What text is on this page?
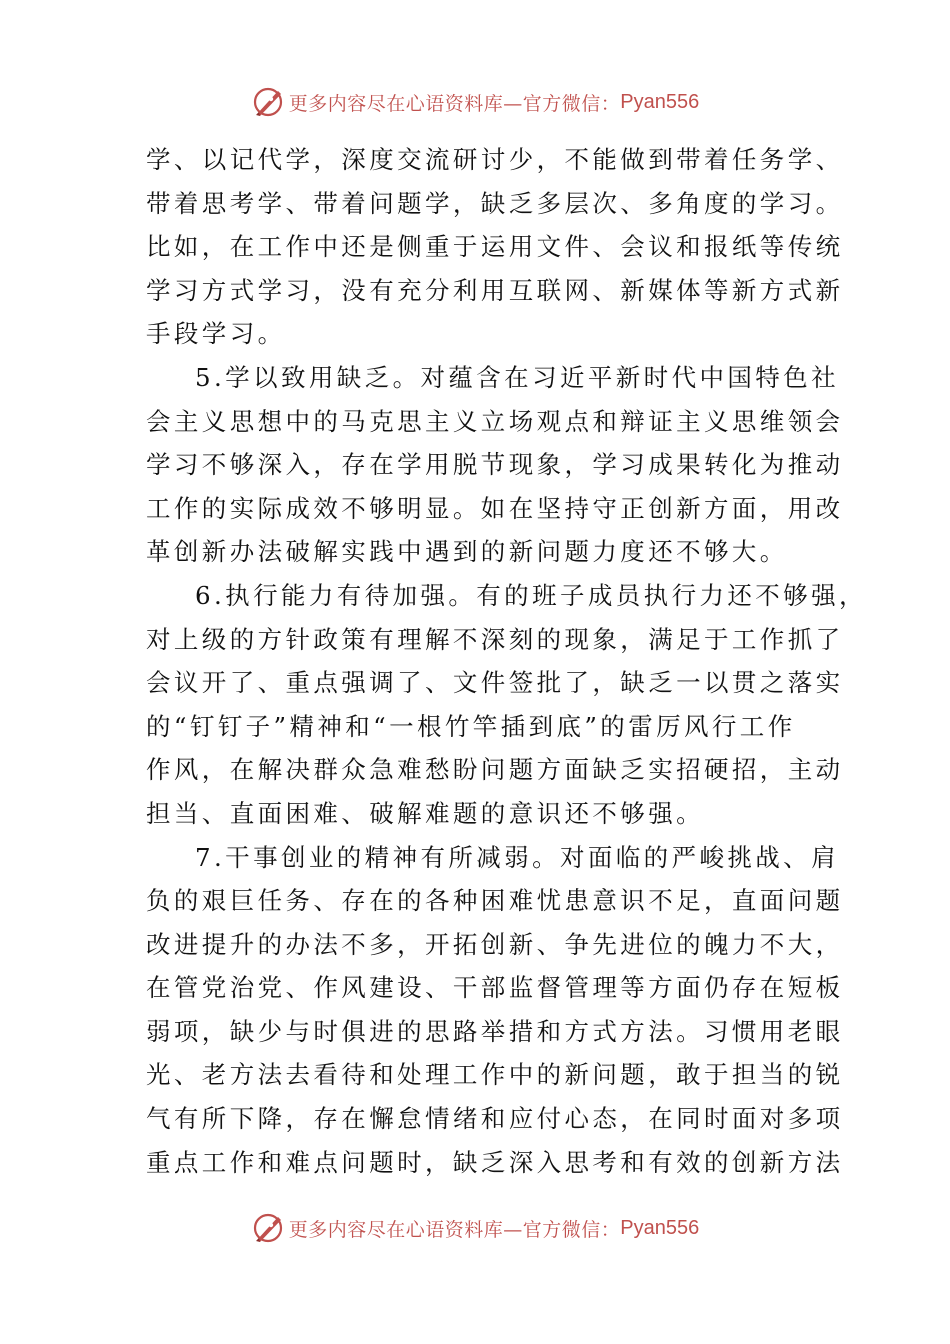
更多内容尽在心语资料库—官方微信： Pyan556
学、以记代学，深度交流研讨少，不能做到带着任务学、
带着思考学、带着问题学，缺乏多层次、多角度的学习。
比如，在工作中还是侧重于运用文件、会议和报纸等传统
学习方式学习，没有充分利用互联网、新媒体等新方式新
手段学习。
5.学以致用缺乏。对蕴含在习近平新时代中国特色社
会主义思想中的马克思主义立场观点和辩证主义思维领会
学习不够深入，存在学用脱节现象，学习成果转化为推动
工作的实际成效不够明显。如在坚持守正创新方面，用改
革创新办法破解实践中遇到的新问题力度还不够大。
6.执行能力有待加强。有的班子成员执行力还不够强，
对上级的方针政策有理解不深刻的现象，满足于工作抓了
会议开了、重点强调了、文件签批了，缺乏一以贯之落实
的“钉钉子”精神和“一根竹竿插到底”的雷厉风行工作
作风，在解决群众急难愁盼问题方面缺乏实招硬招，主动
担当、直面困难、破解难题的意识还不够强。
7.干事创业的精神有所减弱。对面临的严峻挑战、肩
负的艰巨任务、存在的各种困难忧患意识不足，直面问题
改进提升的办法不多，开拓创新、争先进位的魄力不大，
在管党治党、作风建设、干部监督管理等方面仍存在短板
弱项，缺少与时俱进的思路举措和方式方法。习惯用老眼
光、老方法去看待和处理工作中的新问题，敢于担当的锐
气有所下降，存在懈怠情绪和应付心态，在同时面对多项
重点工作和难点问题时，缺乏深入思考和有效的创新方法
更多内容尽在心语资料库—官方微信： Pyan556
